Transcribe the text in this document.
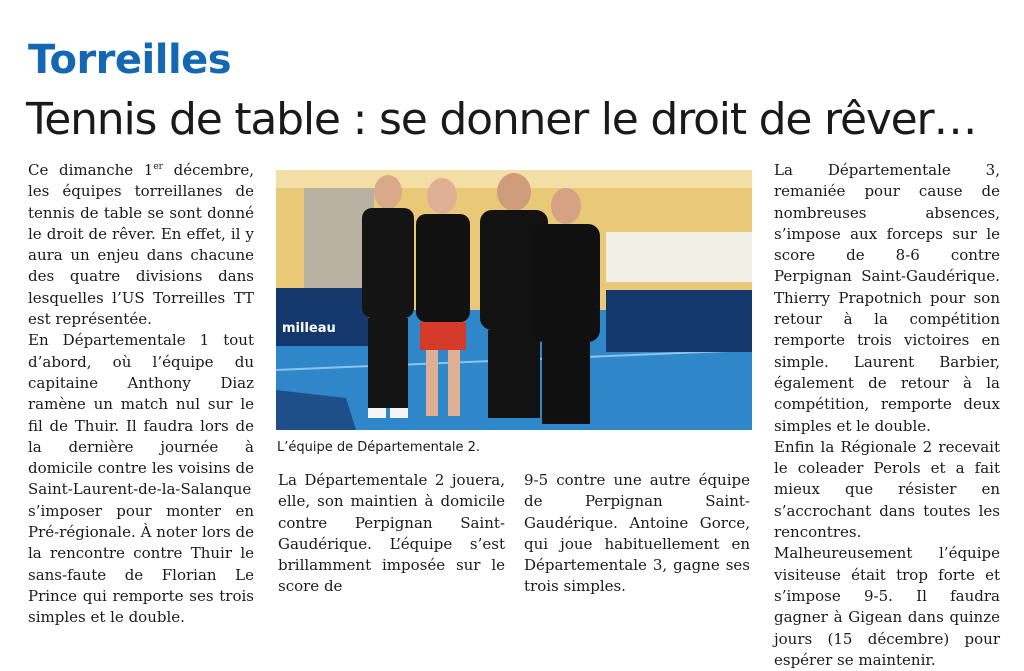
Torreilles
Tennis de table : se donner le droit de rêver…

Ce dimanche 1er décembre, les équipes torreillanes de tennis de table se sont donné le droit de rêver. En effet, il y aura un enjeu dans chacune des quatre divisions dans lesquelles l’US Torreilles TT est représentée.

En Départementale 1 tout d’abord, où l’équipe du capitaine Anthony Diaz ramène un match nul sur le fil de Thuir. Il faudra lors de la dernière journée à domicile contre les voisins de Saint-Laurent-de-la-Salanque s’imposer pour monter en Pré-régionale. À noter lors de la rencontre contre Thuir le sans-faute de Florian Le Prince qui remporte ses trois simples et le double.

milleau
L’équipe de Départementale 2.

La Départementale 2 jouera, elle, son maintien à domicile contre Perpignan Saint-Gaudérique. L’équipe s’est brillamment imposée sur le score de

9-5 contre une autre équipe de Perpignan Saint-Gaudérique. Antoine Gorce, qui joue habituellement en Départementale 3, gagne ses trois simples.

La Départementale 3, remaniée pour cause de nombreuses absences, s’impose aux forceps sur le score de 8-6 contre Perpignan Saint-Gaudérique. Thierry Prapotnich pour son retour à la compétition remporte trois victoires en simple. Laurent Barbier, également de retour à la compétition, remporte deux simples et le double.

Enfin la Régionale 2 recevait le coleader Perols et a fait mieux que résister en s’accrochant dans toutes les rencontres. Malheureusement l’équipe visiteuse était trop forte et s’impose 9-5. Il faudra gagner à Gigean dans quinze jours (15 décembre) pour espérer se maintenir.
